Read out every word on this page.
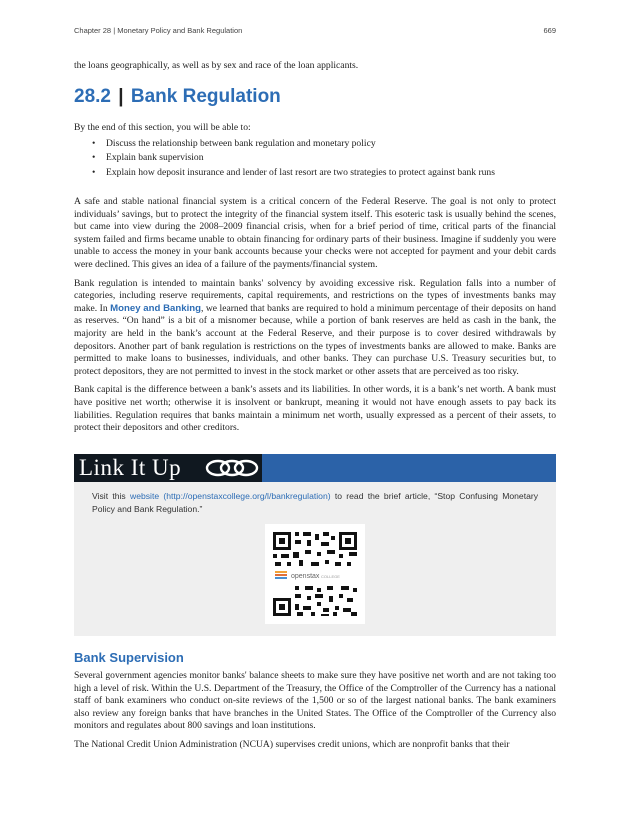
Chapter 28 | Monetary Policy and Bank Regulation	669

the loans geographically, as well as by sex and race of the loan applicants.

28.2 | Bank Regulation

By the end of this section, you will be able to:

• Discuss the relationship between bank regulation and monetary policy
• Explain bank supervision
• Explain how deposit insurance and lender of last resort are two strategies to protect against bank runs

A safe and stable national financial system is a critical concern of the Federal Reserve. The goal is not only to protect individuals’ savings, but to protect the integrity of the financial system itself. This esoteric task is usually behind the scenes, but came into view during the 2008–2009 financial crisis, when for a brief period of time, critical parts of the financial system failed and firms became unable to obtain financing for ordinary parts of their business. Imagine if suddenly you were unable to access the money in your bank accounts because your checks were not accepted for payment and your debit cards were declined. This gives an idea of a failure of the payments/financial system.

Bank regulation is intended to maintain banks' solvency by avoiding excessive risk. Regulation falls into a number of categories, including reserve requirements, capital requirements, and restrictions on the types of investments banks may make. In Money and Banking, we learned that banks are required to hold a minimum percentage of their deposits on hand as reserves. “On hand” is a bit of a misnomer because, while a portion of bank reserves are held as cash in the bank, the majority are held in the bank’s account at the Federal Reserve, and their purpose is to cover desired withdrawals by depositors. Another part of bank regulation is restrictions on the types of investments banks are allowed to make. Banks are permitted to make loans to businesses, individuals, and other banks. They can purchase U.S. Treasury securities but, to protect depositors, they are not permitted to invest in the stock market or other assets that are perceived as too risky.

Bank capital is the difference between a bank’s assets and its liabilities. In other words, it is a bank’s net worth. A bank must have positive net worth; otherwise it is insolvent or bankrupt, meaning it would not have enough assets to pay back its liabilities. Regulation requires that banks maintain a minimum net worth, usually expressed as a percent of their assets, to protect their depositors and other creditors.

Link It Up

Visit this website (http://openstaxcollege.org/l/bankregulation) to read the brief article, “Stop Confusing Monetary Policy and Bank Regulation.”

openstax COLLEGE
Bank Supervision

Several government agencies monitor banks' balance sheets to make sure they have positive net worth and are not taking too high a level of risk. Within the U.S. Department of the Treasury, the Office of the Comptroller of the Currency has a national staff of bank examiners who conduct on-site reviews of the 1,500 or so of the largest national banks. The bank examiners also review any foreign banks that have branches in the United States. The Office of the Comptroller of the Currency also monitors and regulates about 800 savings and loan institutions.

The National Credit Union Administration (NCUA) supervises credit unions, which are nonprofit banks that their
